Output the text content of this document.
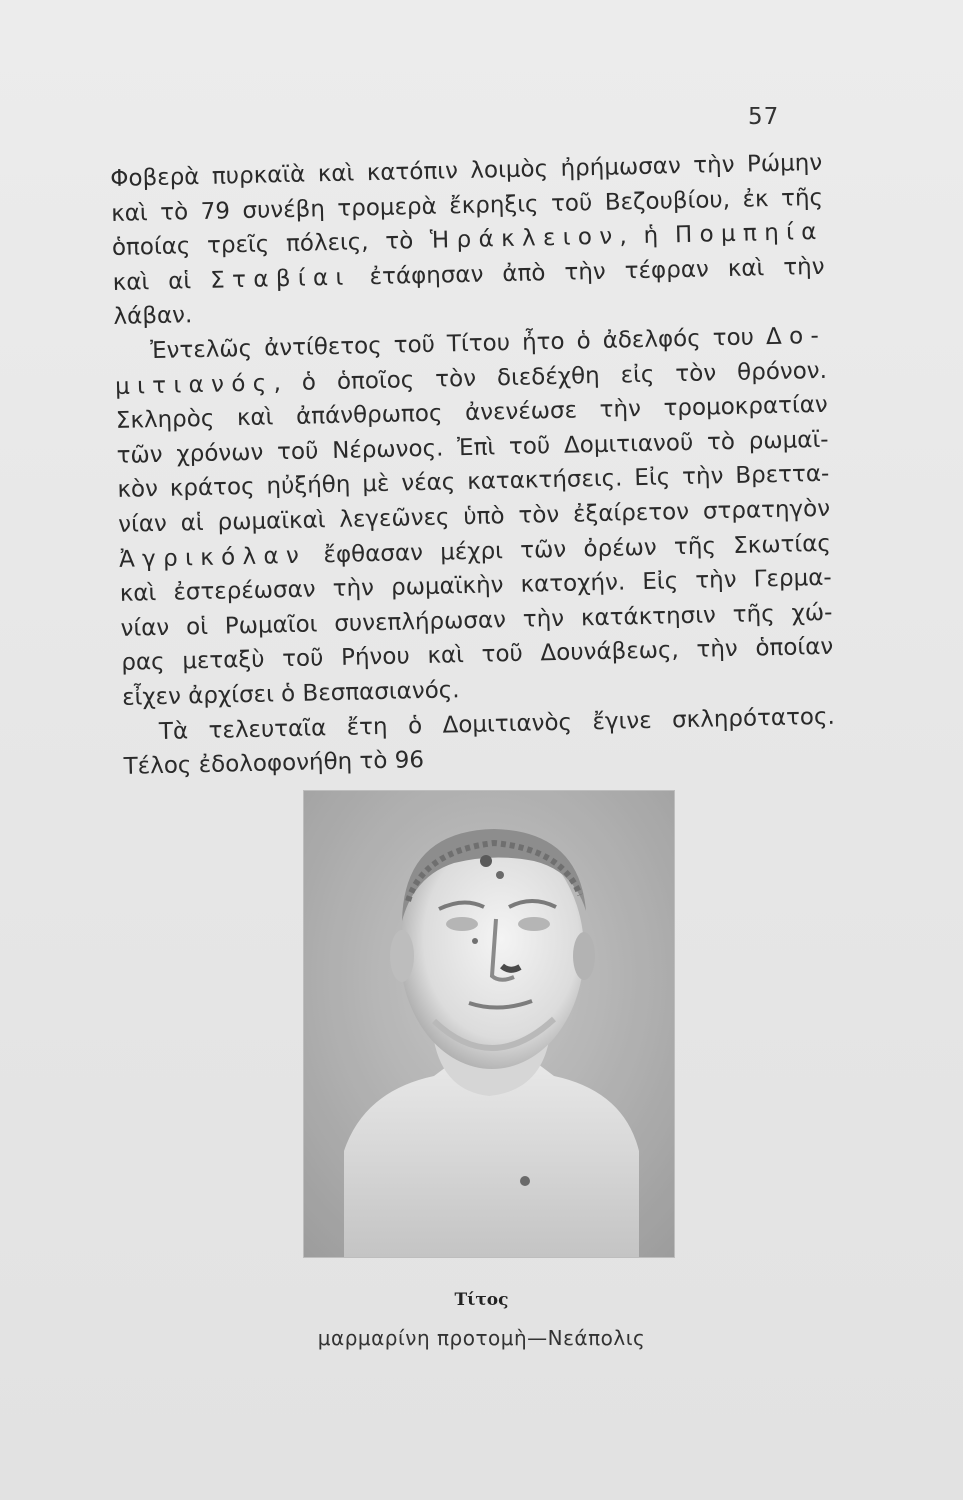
57
Φοβερὰ πυρκαϊὰ καὶ κατόπιν λοιμὸς ἠρήμωσαν τὴν Ρώμην
καὶ τὸ 79 συνέβη τρομερὰ ἔκρηξις τοῦ Βεζουβίου, ἐκ τῆς
ὁποίας τρεῖς πόλεις, τὸ Ἡράκλειον, ἡ Πομπηία
καὶ αἱ Σταβίαι ἐτάφησαν ἀπὸ τὴν τέφραν καὶ τὴν
λάβαν.
Ἐντελῶς ἀντίθετος τοῦ Τίτου ἦτο ὁ ἀδελφός του Δο-
μιτιανός, ὁ ὁποῖος τὸν διεδέχθη εἰς τὸν θρόνον.
Σκληρὸς καὶ ἀπάνθρωπος ἀνενέωσε τὴν τρομοκρατίαν
τῶν χρόνων τοῦ Νέρωνος. Ἐπὶ τοῦ Δομιτιανοῦ τὸ ρωμαϊ-
κὸν κράτος ηὐξήθη μὲ νέας κατακτήσεις. Εἰς τὴν Βρεττα-
νίαν αἱ ρωμαϊκαὶ λεγεῶνες ὑπὸ τὸν ἐξαίρετον στρατηγὸν
Ἀγρικόλαν ἔφθασαν μέχρι τῶν ὀρέων τῆς Σκωτίας
καὶ ἐστερέωσαν τὴν ρωμαϊκὴν κατοχήν. Εἰς τὴν Γερμα-
νίαν οἱ Ρωμαῖοι συνεπλήρωσαν τὴν κατάκτησιν τῆς χώ-
ρας μεταξὺ τοῦ Ρήνου καὶ τοῦ Δουνάβεως, τὴν ὁποίαν
εἶχεν ἀρχίσει ὁ Βεσπασιανός.
Τὰ τελευταῖα ἔτη ὁ Δομιτιανὸς ἔγινε σκληρότατος.
Τέλος ἐδολοφονήθη τὸ 96
Τίτος
μαρμαρίνη προτομὴ—Νεάπολις
